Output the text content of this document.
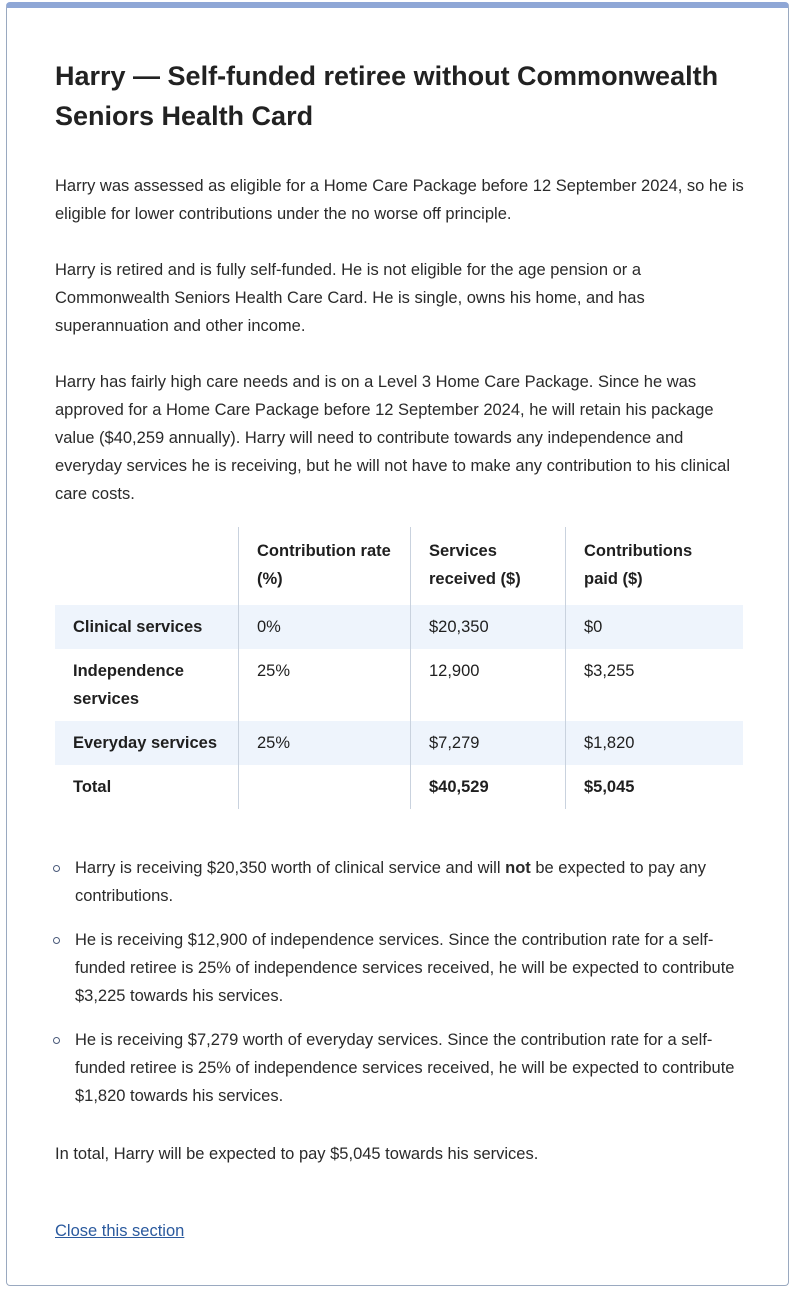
Harry — Self-funded retiree without Commonwealth Seniors Health Card

Harry was assessed as eligible for a Home Care Package before 12 September 2024, so he is eligible for lower contributions under the no worse off principle.

Harry is retired and is fully self-funded. He is not eligible for the age pension or a Commonwealth Seniors Health Care Card. He is single, owns his home, and has superannuation and other income.

Harry has fairly high care needs and is on a Level 3 Home Care Package. Since he was approved for a Home Care Package before 12 September 2024, he will retain his package value ($40,259 annually). Harry will need to contribute towards any independence and everyday services he is receiving, but he will not have to make any contribution to his clinical care costs.

	Contribution rate (%)	Services received ($)	Contributions paid ($)
Clinical services	0%	$20,350	$0
Independence services	25%	12,900	$3,255
Everyday services	25%	$7,279	$1,820
Total		$40,529	$5,045
Harry is receiving $20,350 worth of clinical service and will not be expected to pay any contributions.
He is receiving $12,900 of independence services. Since the contribution rate for a self-funded retiree is 25% of independence services received, he will be expected to contribute $3,225 towards his services.
He is receiving $7,279 worth of everyday services. Since the contribution rate for a self-funded retiree is 25% of independence services received, he will be expected to contribute $1,820 towards his services.

In total, Harry will be expected to pay $5,045 towards his services.

Close this section
